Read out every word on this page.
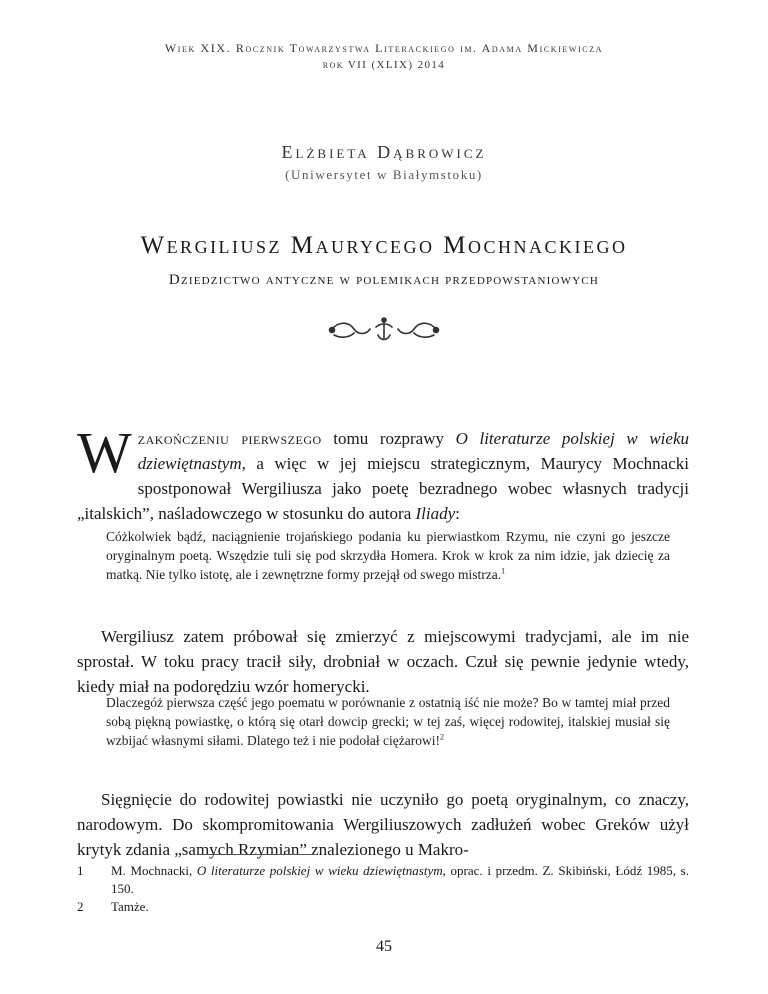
Wiek XIX. Rocznik Towarzystwa Literackiego im. Adama Mickiewicza
rok VII (XLIX) 2014
Elżbieta Dąbrowicz
(Uniwersytet w Białymstoku)
Wergiliusz Maurycego Mochnackiego
Dziedzictwo antyczne w polemikach przedpowstaniowych
Wzakończeniu pierwszego tomu rozprawy O literaturze polskiej w wieku dziewiętnastym, a więc w jej miejscu strategicznym, Maurycy Mochnacki spostponował Wergiliusza jako poetę bezradnego wobec własnych tradycji „italskich”, naśladowczego w stosunku do autora Iliady:
Cóżkolwiek bądź, naciągnienie trojańskiego podania ku pierwiastkom Rzymu, nie czyni go jeszcze oryginalnym poetą. Wszędzie tuli się pod skrzydła Homera. Krok w krok za nim idzie, jak dziecię za matką. Nie tylko istotę, ale i zewnętrzne formy przejął od swego mistrza.$^1$
Wergiliusz zatem próbował się zmierzyć z miejscowymi tradycjami, ale im nie sprostał. W toku pracy tracił siły, drobniał w oczach. Czuł się pewnie jedynie wtedy, kiedy miał na podorędziu wzór homerycki.
Dlaczegóż pierwsza część jego poematu w porównanie z ostatnią iść nie może? Bo w tamtej miał przed sobą piękną powiastkę, o którą się otarł dowcip grecki; w tej zaś, więcej rodowitej, italskiej musiał się wzbijać własnymi siłami. Dlatego też i nie podołał ciężarowi!$^2$
Sięgnięcie do rodowitej powiastki nie uczyniło go poetą oryginalnym, co znaczy, narodowym. Do skompromitowania Wergiliuszowych zadłużeń wobec Greków użył krytyk zdania „samych Rzymian” znalezionego u Makro-
1	M. Mochnacki, O literaturze polskiej w wieku dziewiętnastym, oprac. i przedm. Z. Skibiński, Łódź 1985, s. 150.
2	Tamże.
45
